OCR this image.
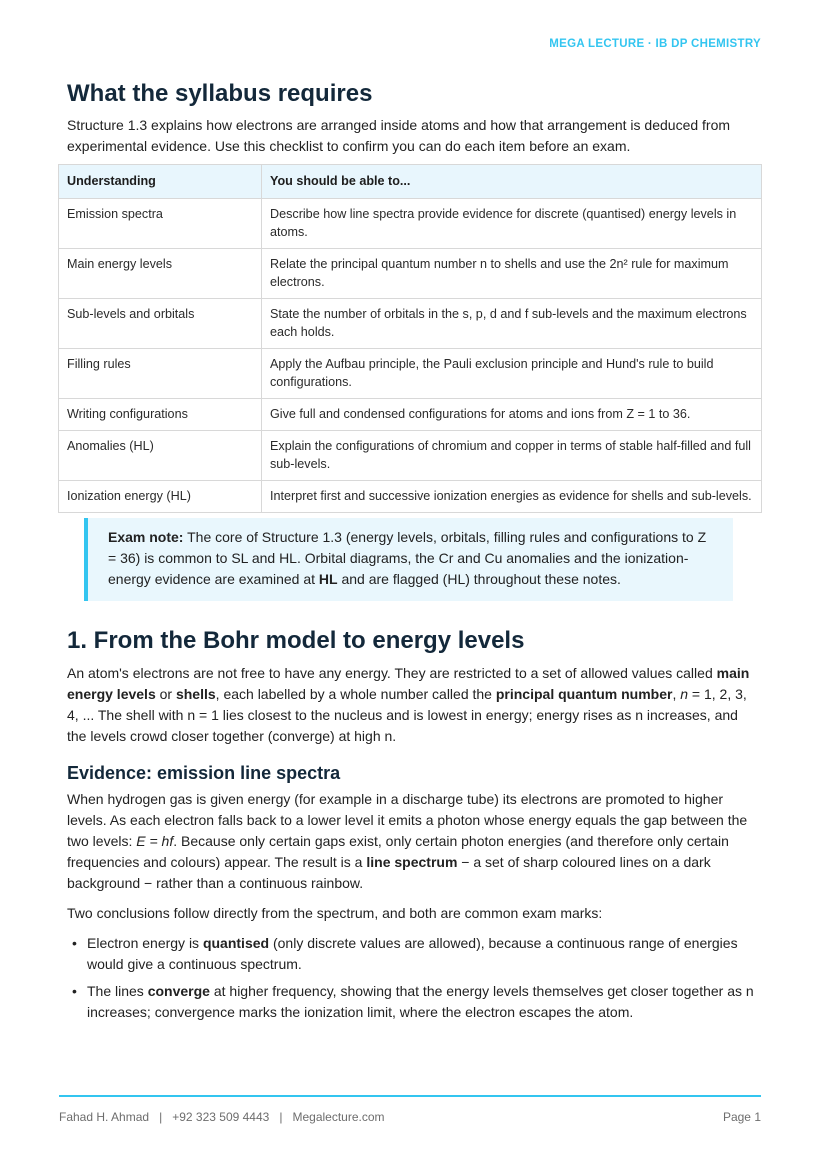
MEGA LECTURE · IB DP CHEMISTRY
What the syllabus requires

Structure 1.3 explains how electrons are arranged inside atoms and how that arrangement is deduced from experimental evidence. Use this checklist to confirm you can do each item before an exam.

Understanding	You should be able to...
Emission spectra	Describe how line spectra provide evidence for discrete (quantised) energy levels in atoms.
Main energy levels	Relate the principal quantum number n to shells and use the 2n² rule for maximum electrons.
Sub-levels and orbitals	State the number of orbitals in the s, p, d and f sub-levels and the maximum electrons each holds.
Filling rules	Apply the Aufbau principle, the Pauli exclusion principle and Hund's rule to build configurations.
Writing configurations	Give full and condensed configurations for atoms and ions from Z = 1 to 36.
Anomalies (HL)	Explain the configurations of chromium and copper in terms of stable half-filled and full sub-levels.
Ionization energy (HL)	Interpret first and successive ionization energies as evidence for shells and sub-levels.
Exam note: The core of Structure 1.3 (energy levels, orbitals, filling rules and configurations to Z = 36) is common to SL and HL. Orbital diagrams, the Cr and Cu anomalies and the ionization-energy evidence are examined at HL and are flagged (HL) throughout these notes.
1. From the Bohr model to energy levels

An atom's electrons are not free to have any energy. They are restricted to a set of allowed values called main energy levels or shells, each labelled by a whole number called the principal quantum number, n = 1, 2, 3, 4, ... The shell with n = 1 lies closest to the nucleus and is lowest in energy; energy rises as n increases, and the levels crowd closer together (converge) at high n.

Evidence: emission line spectra

When hydrogen gas is given energy (for example in a discharge tube) its electrons are promoted to higher levels. As each electron falls back to a lower level it emits a photon whose energy equals the gap between the two levels: E = hf. Because only certain gaps exist, only certain photon energies (and therefore only certain frequencies and colours) appear. The result is a line spectrum − a set of sharp coloured lines on a dark background − rather than a continuous rainbow.

Two conclusions follow directly from the spectrum, and both are common exam marks:

• Electron energy is quantised (only discrete values are allowed), because a continuous range of energies would give a continuous spectrum.
• The lines converge at higher frequency, showing that the energy levels themselves get closer together as n increases; convergence marks the ionization limit, where the electron escapes the atom.
Fahad H. Ahmad | +92 323 509 4443 | Megalecture.com	Page 1
